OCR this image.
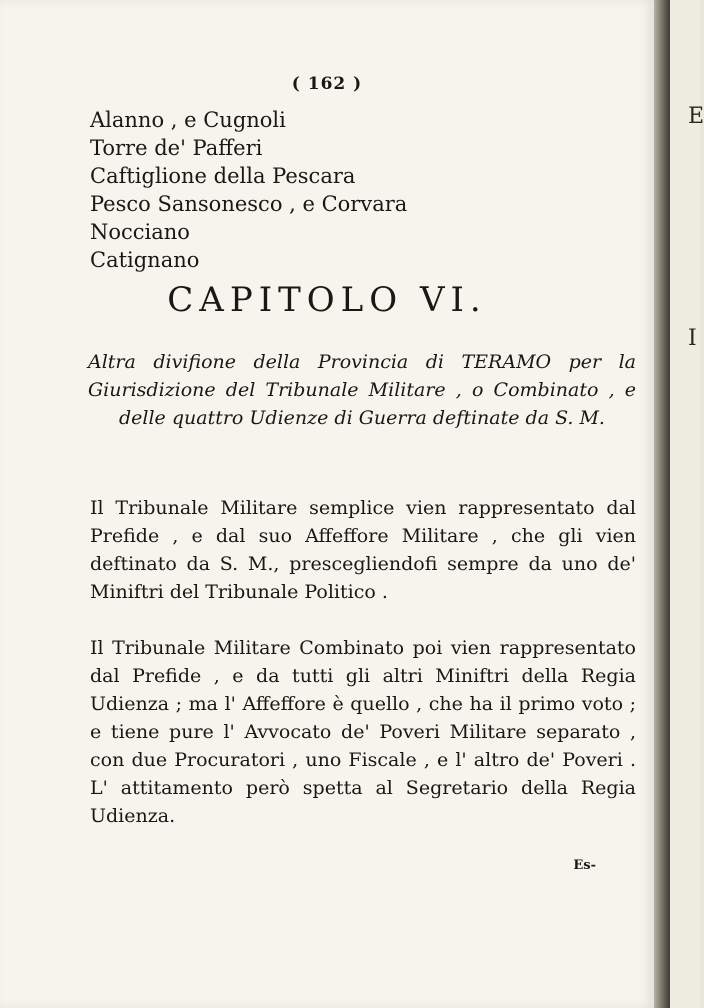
( 162 )
Alanno , e Cugnoli
Torre de' Pafferi
Caftiglione della Pescara
Pesco Sansonesco , e Corvara
Nocciano
Catignano
CAPITOLO VI.

Altra divifione della Provincia di TERAMO per la Giurisdizione del Tribunale Militare , o Combinato , e delle quattro Udienze di Guerra deftinate da S. M.

Il Tribunale Militare semplice vien rappresentato dal Prefide , e dal suo Affeffore Militare , che gli vien deftinato da S. M., prescegliendofi sempre da uno de' Miniftri del Tribunale Politico .

Il Tribunale Militare Combinato poi vien rappresentato dal Prefide , e da tutti gli altri Miniftri della Regia Udienza ; ma l' Affeffore è quello , che ha il primo voto ; e tiene pure l' Avvocato de' Poveri Militare separato , con due Procuratori , uno Fiscale , e l' altro de' Poveri . L' attitamento però spetta al Segretario della Regia Udienza.

Es-
E
I
